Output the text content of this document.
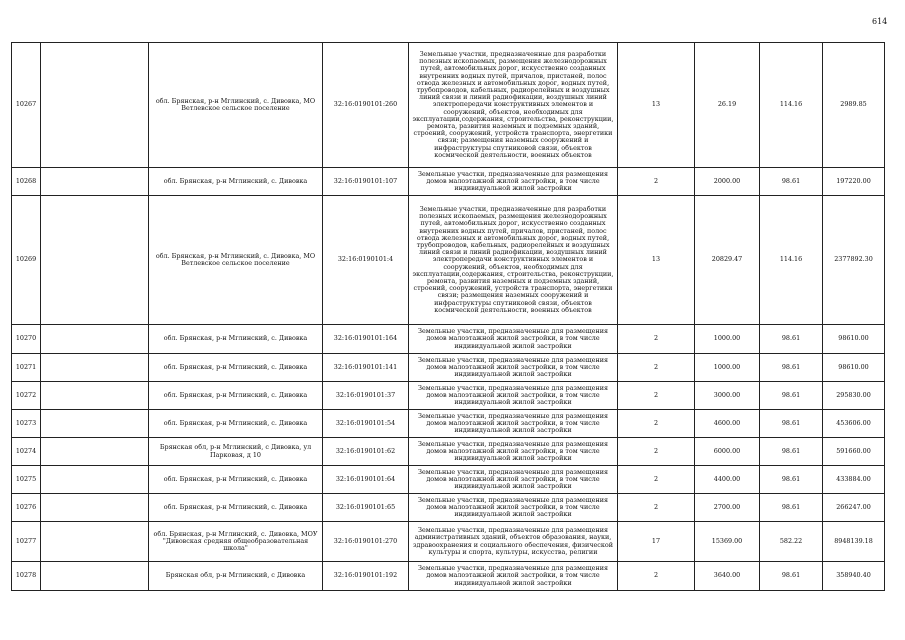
614
10267		обл. Брянская, р-н Мглинский, с. Дивовка, МО Ветлевское сельское поселение	32:16:0190101:260	Земельные участки, предназначенные для разработки полезных ископаемых, размещения железнодорожных путей, автомобильных дорог, искусственно созданных внутренних водных путей, причалов, пристаней, полос отвода железных и автомобильных дорог, водных путей, трубопроводов, кабельных, радиорелейных и воздушных линий связи и линий радиофикации, воздушных линий электропередачи конструктивных элементов и сооружений, объектов, необходимых для эксплуатации,содержания, строительства, реконструкции, ремонта, развития наземных и подземных зданий, строений, сооружений, устройств транспорта, энергетики связи; размещения наземных сооружений и инфраструктуры спутниковой связи, объектов космической деятельности, военных объектов	13	26.19	114.16	2989.85
10268		обл. Брянская, р-н Мглинский, с. Дивовка	32:16:0190101:107	Земельные участки, предназначенные для размещения домов малоэтажной жилой застройки, в том числе индивидуальной жилой застройки	2	2000.00	98.61	197220.00
10269		обл. Брянская, р-н Мглинский, с. Дивовка, МО Ветлевское сельское поселение	32:16:0190101:4	Земельные участки, предназначенные для разработки полезных ископаемых, размещения железнодорожных путей, автомобильных дорог, искусственно созданных внутренних водных путей, причалов, пристаней, полос отвода железных и автомобильных дорог, водных путей, трубопроводов, кабельных, радиорелейных и воздушных линий связи и линий радиофикации, воздушных линий электропередачи конструктивных элементов и сооружений, объектов, необходимых для эксплуатации,содержания, строительства, реконструкции, ремонта, развития наземных и подземных зданий, строений, сооружений, устройств транспорта, энергетики связи; размещения наземных сооружений и инфраструктуры спутниковой связи, объектов космической деятельности, военных объектов	13	20829.47	114.16	2377892.30
10270		обл. Брянская, р-н Мглинский, с. Дивовка	32:16:0190101:164	Земельные участки, предназначенные для размещения домов малоэтажной жилой застройки, в том числе индивидуальной жилой застройки	2	1000.00	98.61	98610.00
10271		обл. Брянская, р-н Мглинский, с. Дивовка	32:16:0190101:141	Земельные участки, предназначенные для размещения домов малоэтажной жилой застройки, в том числе индивидуальной жилой застройки	2	1000.00	98.61	98610.00
10272		обл. Брянская, р-н Мглинский, с. Дивовка	32:16:0190101:37	Земельные участки, предназначенные для размещения домов малоэтажной жилой застройки, в том числе индивидуальной жилой застройки	2	3000.00	98.61	295830.00
10273		обл. Брянская, р-н Мглинский, с. Дивовка	32:16:0190101:54	Земельные участки, предназначенные для размещения домов малоэтажной жилой застройки, в том числе индивидуальной жилой застройки	2	4600.00	98.61	453606.00
10274		Брянская обл, р-н Мглинский, с Дивовка, ул Парковая, д 10	32:16:0190101:62	Земельные участки, предназначенные для размещения домов малоэтажной жилой застройки, в том числе индивидуальной жилой застройки	2	6000.00	98.61	591660.00
10275		обл. Брянская, р-н Мглинский, с. Дивовка	32:16:0190101:64	Земельные участки, предназначенные для размещения домов малоэтажной жилой застройки, в том числе индивидуальной жилой застройки	2	4400.00	98.61	433884.00
10276		обл. Брянская, р-н Мглинский, с. Дивовка	32:16:0190101:65	Земельные участки, предназначенные для размещения домов малоэтажной жилой застройки, в том числе индивидуальной жилой застройки	2	2700.00	98.61	266247.00
10277		обл. Брянская, р-н Мглинский, с. Дивовка, МОУ "Дивовская средняя общеобразовательная школа"	32:16:0190101:270	Земельные участки, предназначенные для размещения административных зданий, объектов образования, науки, здравоохранения и социального обеспечения, физической культуры и спорта, культуры, искусства, религии	17	15369.00	582.22	8948139.18
10278		Брянская обл, р-н Мглинский, с Дивовка	32:16:0190101:192	Земельные участки, предназначенные для размещения домов малоэтажной жилой застройки, в том числе индивидуальной жилой застройки	2	3640.00	98.61	358940.40
